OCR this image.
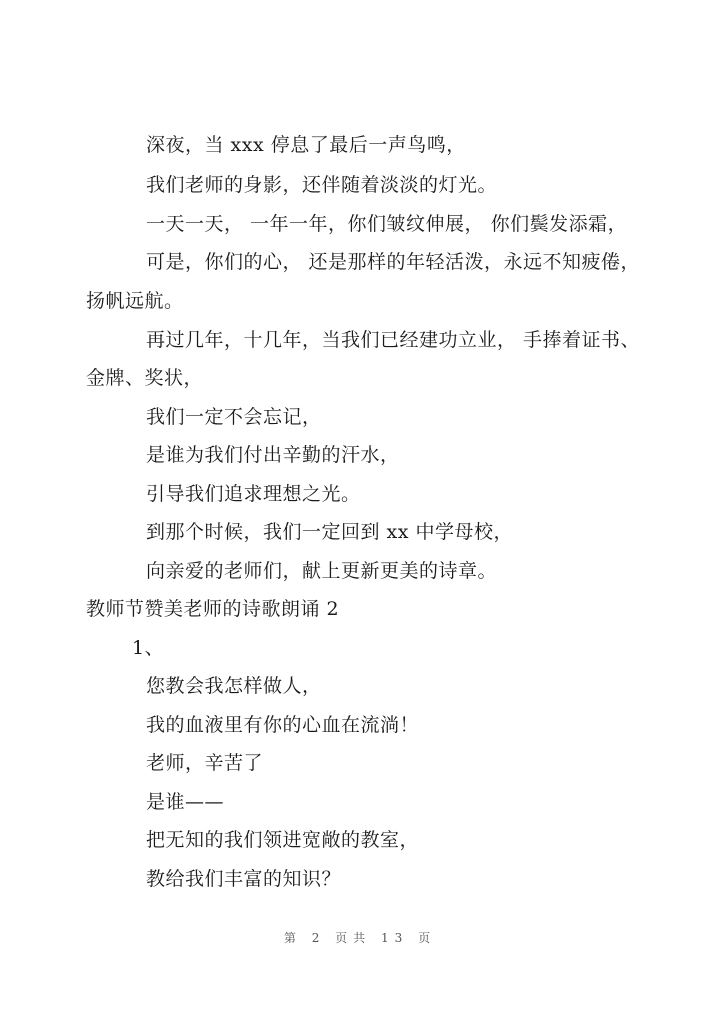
深夜，当 xxx 停息了最后一声鸟鸣，
我们老师的身影，还伴随着淡淡的灯光。
一天一天， 一年一年，你们皱纹伸展， 你们鬓发添霜，
可是，你们的心， 还是那样的年轻活泼，永远不知疲倦，
扬帆远航。
再过几年，十几年，当我们已经建功立业， 手捧着证书、
金牌、奖状，
我们一定不会忘记，
是谁为我们付出辛勤的汗水，
引导我们追求理想之光。
到那个时候，我们一定回到 xx 中学母校，
向亲爱的老师们，献上更新更美的诗章。
教师节赞美老师的诗歌朗诵 2
1、
您教会我怎样做人，
我的血液里有你的心血在流淌！
老师，辛苦了
是谁——
把无知的我们领进宽敞的教室，
教给我们丰富的知识？
第 2 页共 13 页
